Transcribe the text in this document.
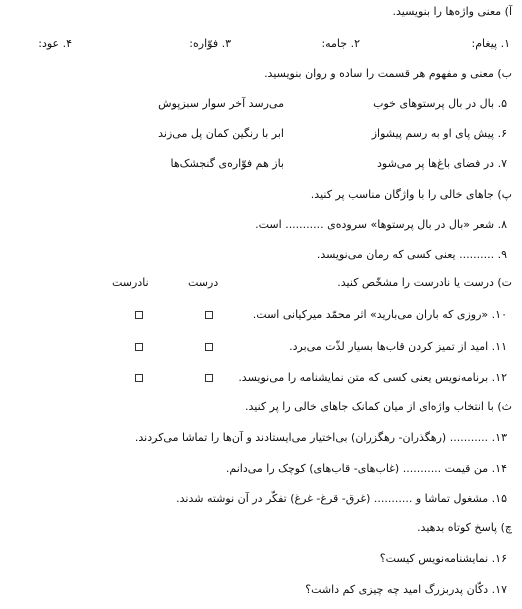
آ) معنی واژه‌ها را بنویسید.
۱. پیغام:
۲. جامه:
۳. فوّاره:
۴. عود:
ب) معنی و مفهوم هر قسمت را ساده و روان بنویسید.
۵. بال در بال پرستوهای خوب
می‌رسد آخر سوار سبزپوش
۶. پیش پای او به رسم پیشواز
ابر با رنگین کمان پل می‌زند
۷. در فضای باغ‌ها پر می‌شود
باز هم فوّاره‌ی گنجشک‌ها
پ) جاهای خالی را با واژگان مناسب پر کنید.
۸. شعر «بال در بال پرستوها» سروده‌ی ........... است.
۹. .......... یعنی کسی که رمان می‌نویسد.
ت) درست یا نادرست را مشخّص کنید.
درست
نادرست
۱۰. «روزی که باران می‌بارید» اثر محمّد میرکیانی است.
۱۱. امید از تمیز کردن قاب‌ها بسیار لذّت می‌برد.
۱۲. برنامه‌نویس یعنی کسی که متن نمایشنامه را می‌نویسد.
ث) با انتخاب واژه‌ای از میان کمانک جاهای خالی را پر کنید.
۱۳. ........... (رهگذران- رهگزران) بی‌اختیار می‌ایستادند و آن‌ها را تماشا می‌کردند.
۱۴. من قیمت ........... (غاب‌های- قاب‌های) کوچک را می‌دانم.
۱۵. مشغول تماشا و ........... (غرق- قرغ- غرغ) تفکّر در آن نوشته شدند.
چ) پاسخ کوتاه بدهید.
۱۶. نمایشنامه‌نویس کیست؟
۱۷. دکّان پدربزرگ امید چه چیزی کم داشت؟
